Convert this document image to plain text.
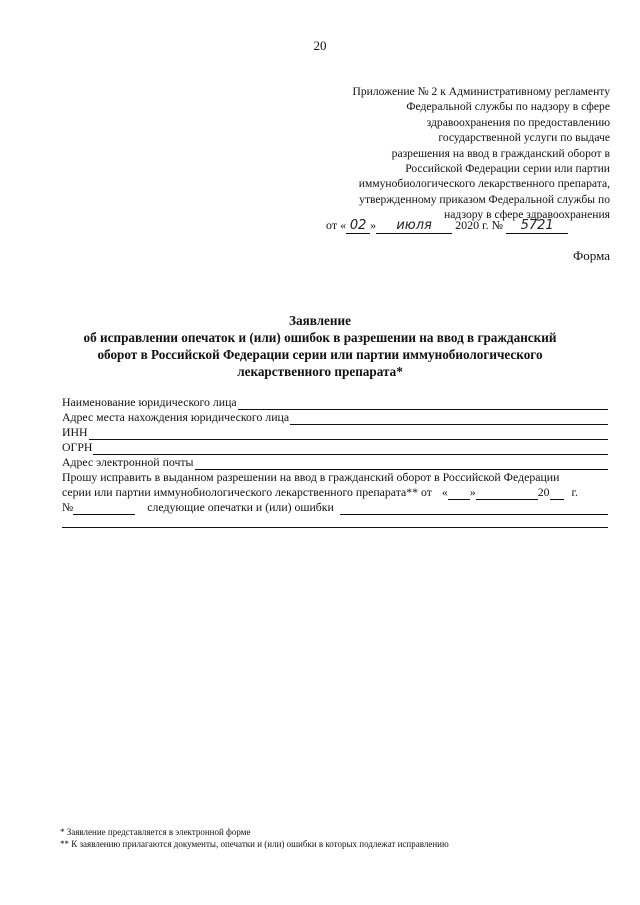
20
Приложение № 2 к Административному регламенту
Федеральной службы по надзору в сфере
здравоохранения по предоставлению
государственной услуги по выдаче
разрешения на ввод в гражданский оборот в
Российской Федерации серии или партии
иммунобиологического лекарственного препарата,
утвержденному приказом Федеральной службы по
надзору в сфере здравоохранения
от « 02 » июля 2020 г. № 5721
Форма
Заявление
об исправлении опечаток и (или) ошибок в разрешении на ввод в гражданский
оборот в Российской Федерации серии или партии иммунобиологического
лекарственного препарата*
Наименование юридического лица
Адрес места нахождения юридического лица
ИНН
ОГРН
Адрес электронной почты
Прошу исправить в выданном разрешении на ввод в гражданский оборот в Российской Федерации
серии или партии иммунобиологического лекарственного препарата** от « »	20 г.
№	следующие опечатки и (или) ошибки
* Заявление представляется в электронной форме
** К заявлению прилагаются документы, опечатки и (или) ошибки в которых подлежат исправлению
